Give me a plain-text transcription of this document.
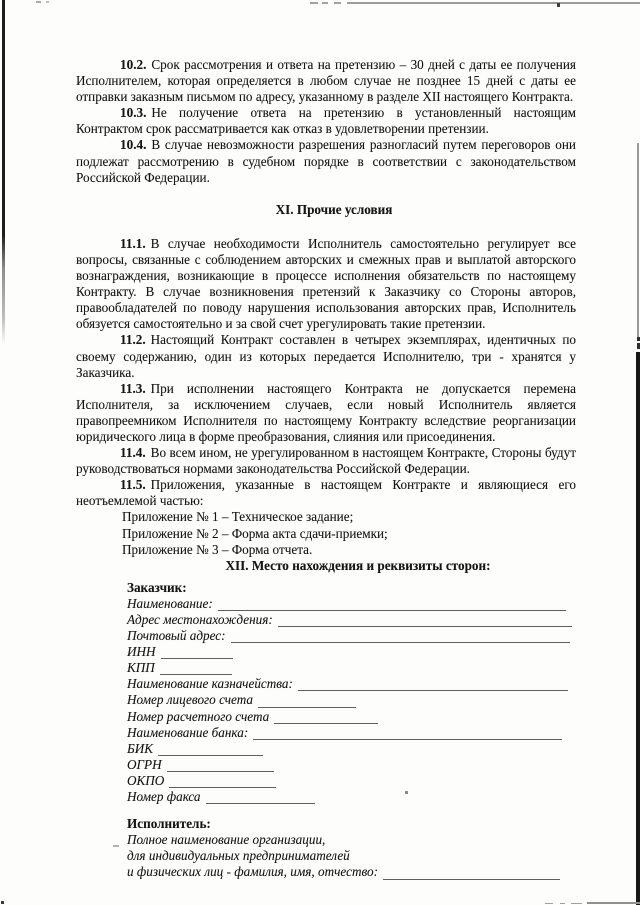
10.2. Срок рассмотрения и ответа на претензию – 30 дней с даты ее получения Исполнителем, которая определяется в любом случае не позднее 15 дней с даты ее отправки заказным письмом по адресу, указанному в разделе XII настоящего Контракта.

10.3. Не получение ответа на претензию в установленный настоящим Контрактом срок рассматривается как отказ в удовлетворении претензии.

10.4. В случае невозможности разрешения разногласий путем переговоров они подлежат рассмотрению в судебном порядке в соответствии с законодательством Российской Федерации.

XI. Прочие условия

11.1. В случае необходимости Исполнитель самостоятельно регулирует все вопросы, связанные с соблюдением авторских и смежных прав и выплатой авторского вознаграждения, возникающие в процессе исполнения обязательств по настоящему Контракту. В случае возникновения претензий к Заказчику со Стороны авторов, правообладателей по поводу нарушения использования авторских прав, Исполнитель обязуется самостоятельно и за свой счет урегулировать такие претензии.

11.2. Настоящий Контракт составлен в четырех экземплярах, идентичных по своему содержанию, один из которых передается Исполнителю, три - хранятся у Заказчика.

11.3. При исполнении настоящего Контракта не допускается перемена Исполнителя, за исключением случаев, если новый Исполнитель является правопреемником Исполнителя по настоящему Контракту вследствие реорганизации юридического лица в форме преобразования, слияния или присоединения.

11.4. Во всем ином, не урегулированном в настоящем Контракте, Стороны будут руководствоваться нормами законодательства Российской Федерации.

11.5. Приложения, указанные в настоящем Контракте и являющиеся его неотъемлемой частью:

Приложение № 1 – Техническое задание;
Приложение № 2 – Форма акта сдачи-приемки;
Приложение № 3 – Форма отчета.
XII. Место нахождения и реквизиты сторон:
Заказчик:
Наименование:
Адрес местонахождения:
Почтовый адрес:
ИНН
КПП
Наименование казначейства:
Номер лицевого счета
Номер расчетного счета
Наименование банка:
БИК
ОГРН
ОКПО
Номер факса
Исполнитель:
Полное наименование организации,
для индивидуальных предпринимателей
и физических лиц - фамилия, имя, отчество:
